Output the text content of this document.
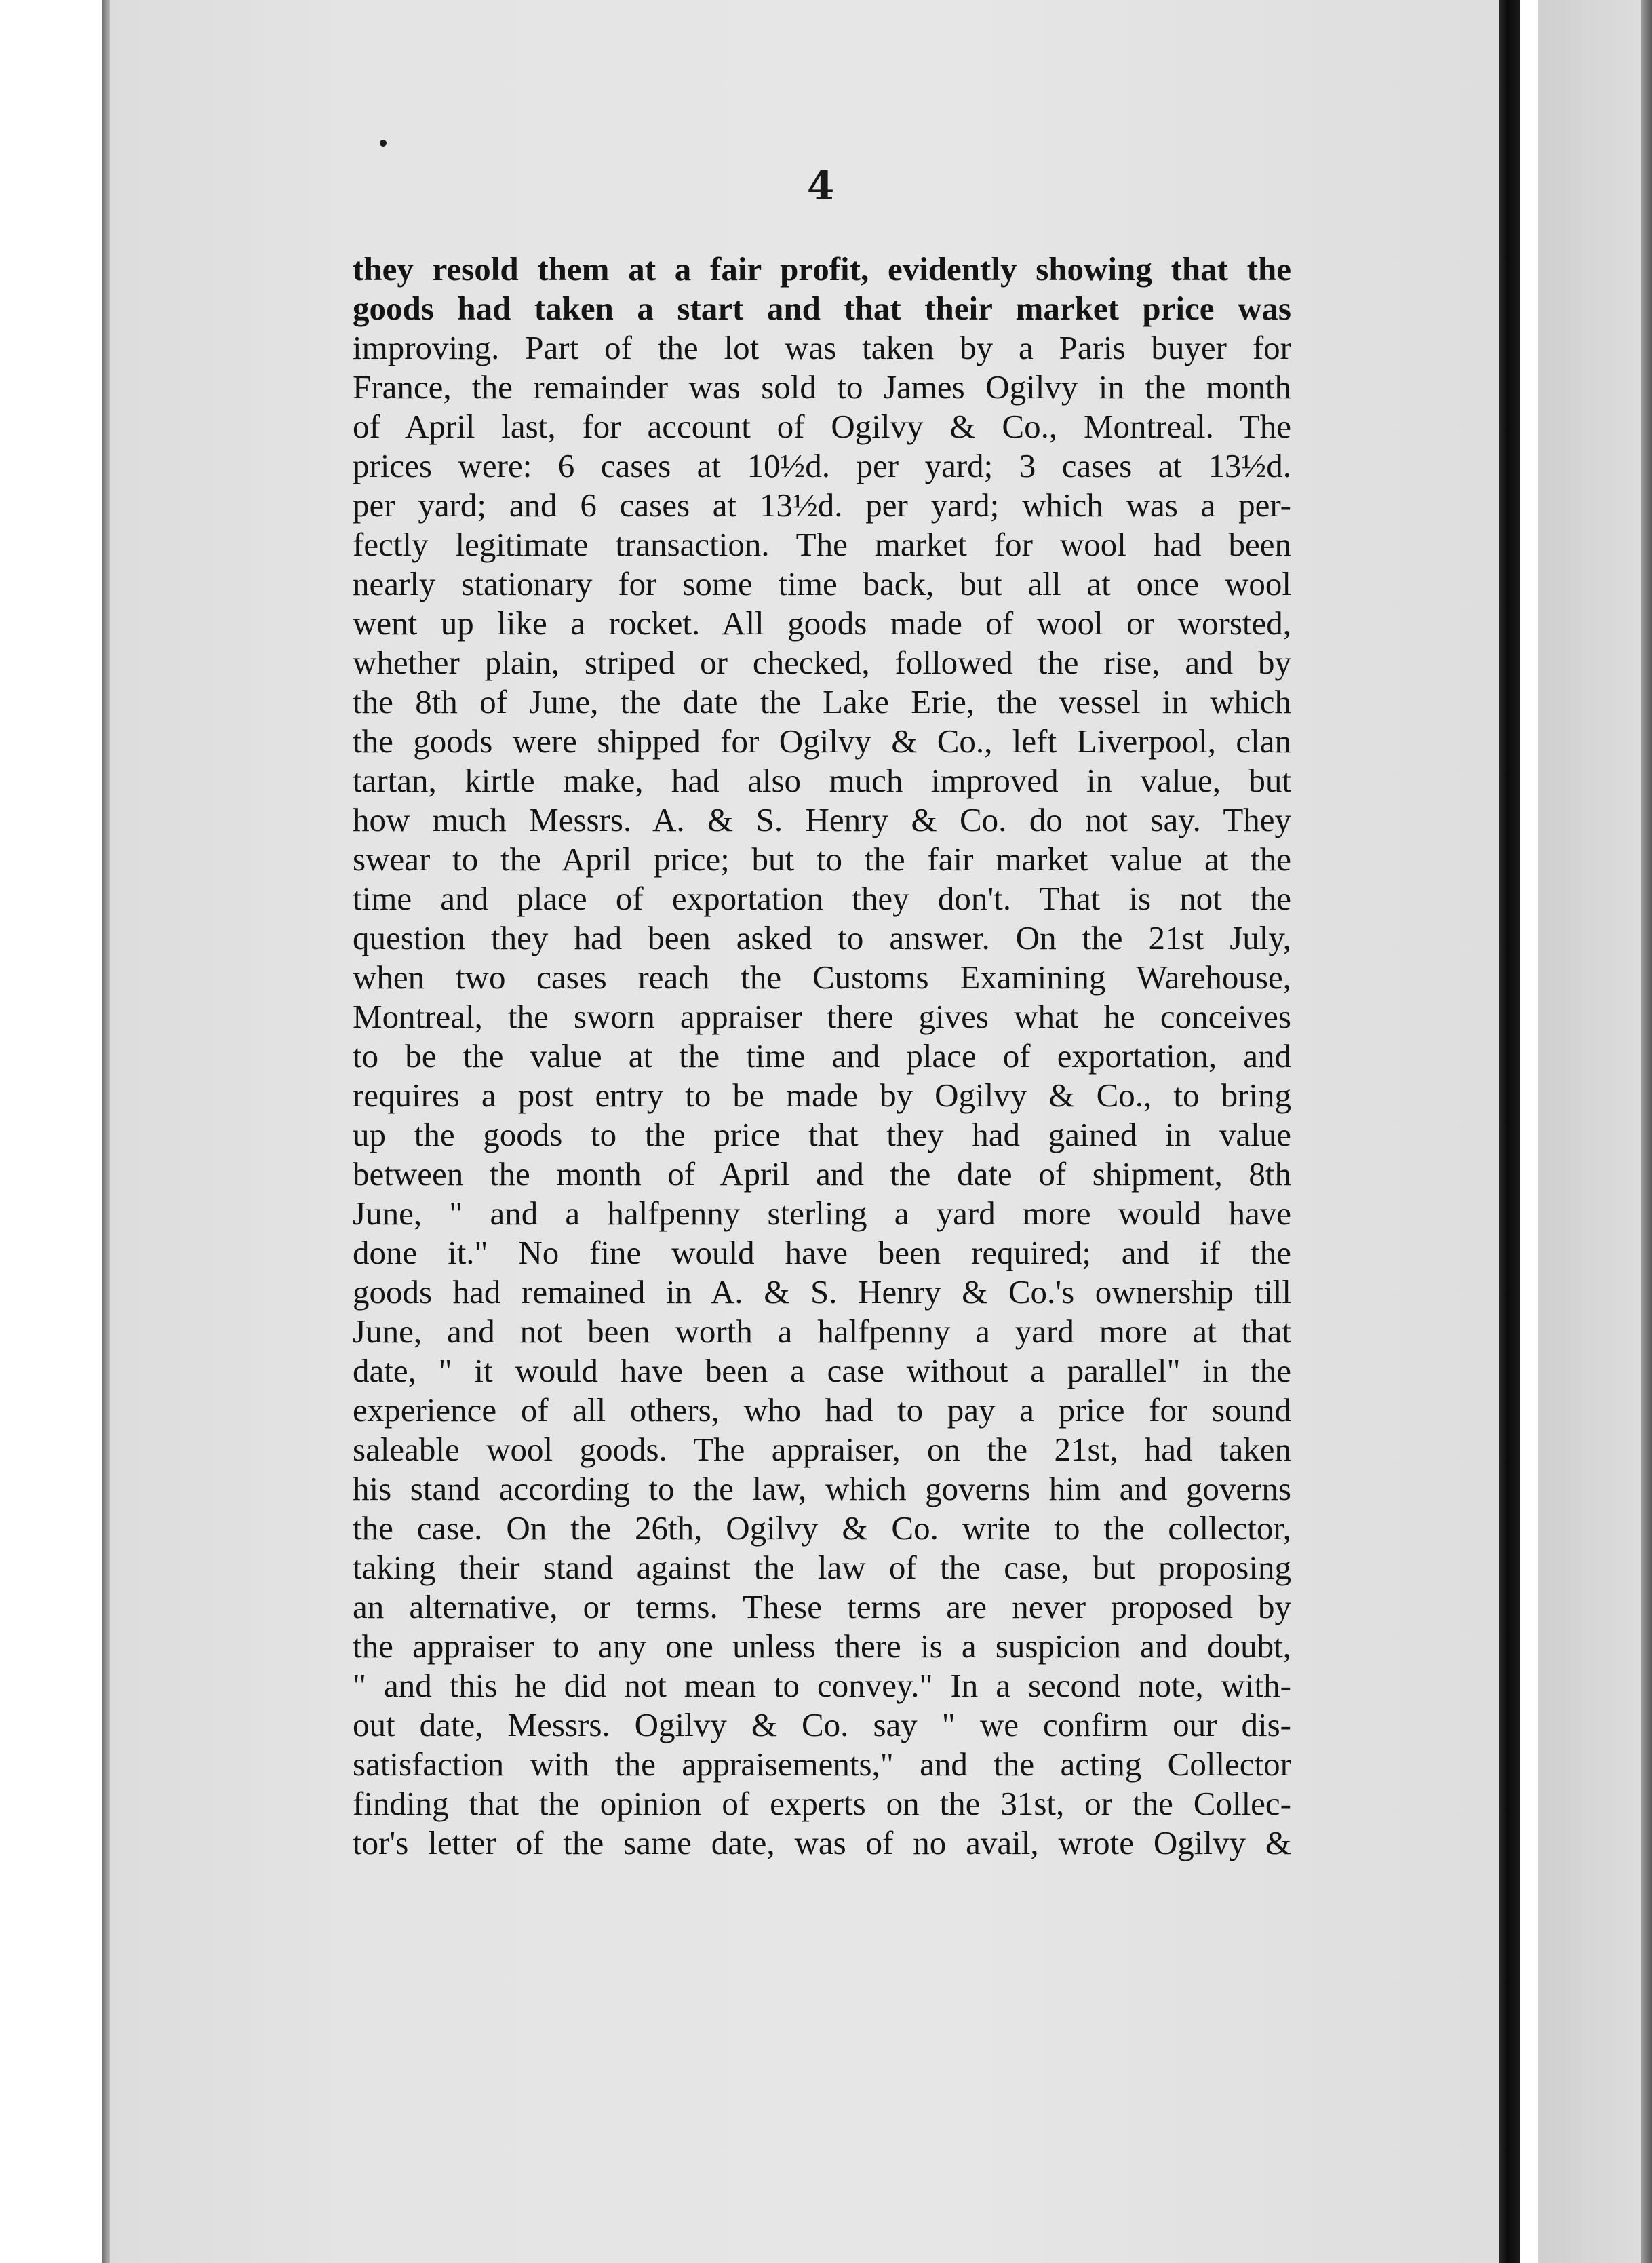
4
they resold them at a fair profit, evidently showing that the
goods had taken a start and that their market price was
improving. Part of the lot was taken by a Paris buyer for
France, the remainder was sold to James Ogilvy in the month
of April last, for account of Ogilvy & Co., Montreal. The
prices were: 6 cases at 10½d. per yard; 3 cases at 13½d.
per yard; and 6 cases at 13½d. per yard; which was a per-
fectly legitimate transaction. The market for wool had been
nearly stationary for some time back, but all at once wool
went up like a rocket. All goods made of wool or worsted,
whether plain, striped or checked, followed the rise, and by
the 8th of June, the date the Lake Erie, the vessel in which
the goods were shipped for Ogilvy & Co., left Liverpool, clan
tartan, kirtle make, had also much improved in value, but
how much Messrs. A. & S. Henry & Co. do not say. They
swear to the April price; but to the fair market value at the
time and place of exportation they don't. That is not the
question they had been asked to answer. On the 21st July,
when two cases reach the Customs Examining Warehouse,
Montreal, the sworn appraiser there gives what he conceives
to be the value at the time and place of exportation, and
requires a post entry to be made by Ogilvy & Co., to bring
up the goods to the price that they had gained in value
between the month of April and the date of shipment, 8th
June, " and a halfpenny sterling a yard more would have
done it." No fine would have been required; and if the
goods had remained in A. & S. Henry & Co.'s ownership till
June, and not been worth a halfpenny a yard more at that
date, " it would have been a case without a parallel" in the
experience of all others, who had to pay a price for sound
saleable wool goods. The appraiser, on the 21st, had taken
his stand according to the law, which governs him and governs
the case. On the 26th, Ogilvy & Co. write to the collector,
taking their stand against the law of the case, but proposing
an alternative, or terms. These terms are never proposed by
the appraiser to any one unless there is a suspicion and doubt,
" and this he did not mean to convey." In a second note, with-
out date, Messrs. Ogilvy & Co. say " we confirm our dis-
satisfaction with the appraisements," and the acting Collector
finding that the opinion of experts on the 31st, or the Collec-
tor's letter of the same date, was of no avail, wrote Ogilvy &
